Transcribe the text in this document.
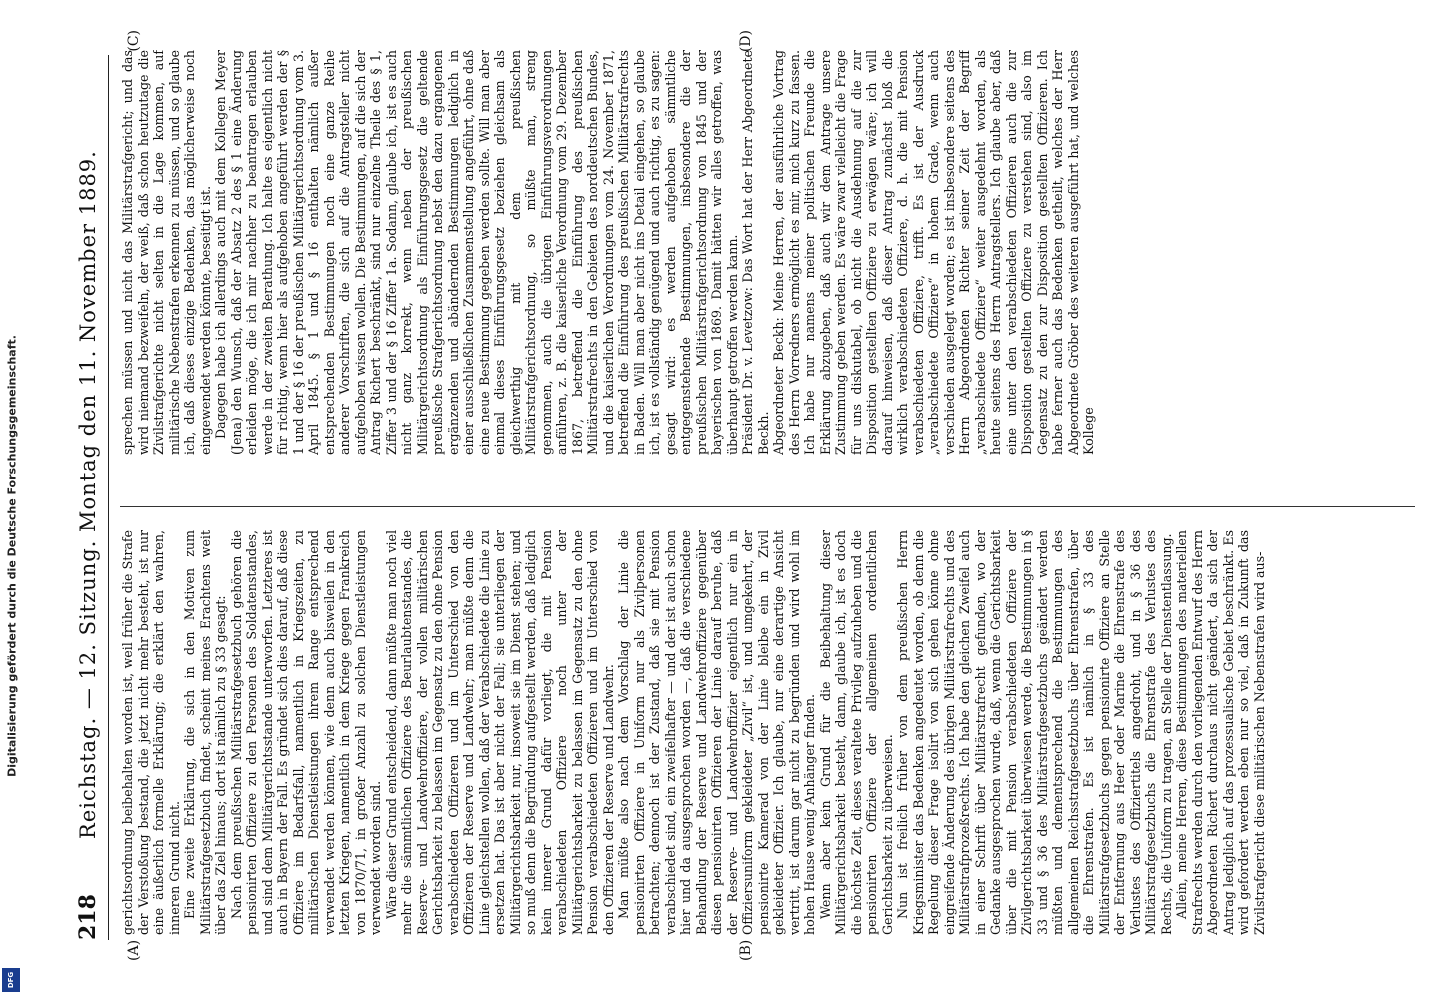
218
Reichstag. — 12. Sitzung. Montag den 11. November 1889.
(A)	(B)
(C)	(D)

gerichtsordnung beibehalten worden ist, weil früher die Strafe der Verstoßung bestand, die jetzt nicht mehr besteht, ist nur eine äußerlich formelle Erklärung; die erklärt den wahren, inneren Grund nicht. Eine zweite Erklärung, die sich in den Motiven zum Militärstrafgesetzbuch findet, scheint meines Erachtens weit über das Ziel hinaus; dort ist nämlich zu § 33 gesagt: Nach dem preußischen Militärstrafgesetzbuch gehören die pensionirten Offiziere zu den Personen des Soldatenstandes, und sind dem Militärgerichtsstande unterworfen. Letzteres ist auch in Bayern der Fall. Es gründet sich dies darauf, daß diese Offiziere im Bedarfsfall, namentlich in Kriegszeiten, zu militärischen Dienstleistungen ihrem Range entsprechend verwendet werden können, wie denn auch bisweilen in den letzten Kriegen, namentlich in dem Kriege gegen Frankreich von 1870/71, in großer Anzahl zu solchen Dienstleistungen verwendet worden sind. Wäre dieser Grund entscheidend, dann müßte man noch viel mehr die sämmtlichen Offiziere des Beurlaubtenstandes, die Reserve- und Landwehroffiziere, der vollen militärischen Gerichtsbarkeit zu belassen im Gegensatz zu den ohne Pension verabschiedeten Offizieren und im Unterschied von den Offizieren der Reserve und Landwehr; man müßte denn die Linie gleichstellen wollen, daß der Verabschiedete die Linie zu ersetzen hat. Das ist aber nicht der Fall; sie unterliegen der Militärgerichtsbarkeit nur, insoweit sie im Dienst stehen; und so muß denn die Begründung aufgestellt werden, daß lediglich kein innerer Grund dafür vorliegt, die mit Pension verabschiedeten Offiziere noch unter der Militärgerichtsbarkeit zu belassen im Gegensatz zu den ohne Pension verabschiedeten Offizieren und im Unterschied von den Offizieren der Reserve und Landwehr. Man müßte also nach dem Vorschlag der Linie die pensionirten Offiziere in Uniform nur als Zivilpersonen betrachten; dennoch ist der Zustand, daß sie mit Pension verabschiedet sind, ein zweifelhafter — und der ist auch schon hier und da ausgesprochen worden —, daß die verschiedene Behandlung der Reserve und Landwehroffiziere gegenüber diesen pensionirten Offizieren der Linie darauf beruhe, daß der Reserve- und Landwehroffizier eigentlich nur ein in Offiziersuniform gekleideter „Zivil“ ist, und umgekehrt, der pensionirte Kamerad von der Linie bleibe ein in Zivil gekleideter Offizier. Ich glaube, nur eine derartige Ansicht vertritt, ist darum gar nicht zu begründen und wird wohl im hohen Hause wenig Anhänger finden. Wenn aber kein Grund für die Beibehaltung dieser Militärgerichtsbarkeit besteht, dann, glaube ich, ist es doch die höchste Zeit, dieses veraltete Privileg aufzuheben und die pensionirten Offiziere der allgemeinen ordentlichen Gerichtsbarkeit zu überweisen. Nun ist freilich früher von dem preußischen Herrn Kriegsminister das Bedenken angedeutet worden, ob denn die Regelung dieser Frage isolirt von sich gehen könne ohne eingreifende Änderung des übrigen Militärstrafrechts und des Militärstrafprozeßrechts. Ich habe den gleichen Zweifel auch in einer Schrift über Militärstrafrecht gefunden, wo der Gedanke ausgesprochen wurde, daß, wenn die Gerichtsbarkeit über die mit Pension verabschiedeten Offiziere der Zivilgerichtsbarkeit überwiesen werde, die Bestimmungen in § 33 und § 36 des Militärstrafgesetzbuchs geändert werden müßten und dementsprechend die Bestimmungen des allgemeinen Reichsstrafgesetzbuchs über Ehrenstrafen, über die Ehrenstrafen. Es ist nämlich in § 33 des Militärstrafgesetzbuchs gegen pensionirte Offiziere an Stelle der Entfernung aus Heer oder Marine die Ehrenstrafe des Verlustes des Offiziertitels angedroht, und in § 36 des Militärstrafgesetzbuchs die Ehrenstrafe des Verlustes des Rechts, die Uniform zu tragen, an Stelle der Dienstentlassung. Allein, meine Herren, diese Bestimmungen des materiellen Strafrechts werden durch den vorliegenden Entwurf des Herrn Abgeordneten Richert durchaus nicht geändert, da sich der Antrag lediglich auf das prozessualische Gebiet beschränkt. Es wird gefordert werden eben nur so viel, daß in Zukunft das Zivilstrafgericht diese militärischen Nebenstrafen wird aus-

sprechen müssen und nicht das Militärstrafgericht; und das wird niemand bezweifeln, der weiß, daß schon heutzutage die Zivilstrafgerichte nicht selten in die Lage kommen, auf militärische Nebenstrafen erkennen zu müssen, und so glaube ich, daß dieses einzige Bedenken, das möglicherweise noch eingewendet werden könnte, beseitigt ist. Dagegen habe ich allerdings auch mit dem Kollegen Meyer (Jena) den Wunsch, daß der Absatz 2 des § 1 eine Änderung erleiden möge, die ich mir nachher zu beantragen erlauben werde in der zweiten Berathung. Ich halte es eigentlich nicht für richtig, wenn hier als aufgehoben angeführt werden der § 1 und der § 16 der preußischen Militärgerichtsordnung vom 3. April 1845. § 1 und § 16 enthalten nämlich außer entsprechenden Bestimmungen noch eine ganze Reihe anderer Vorschriften, die sich auf die Antragsteller nicht aufgehoben wissen wollen. Die Bestimmungen, auf die sich der Antrag Richert beschränkt, sind nur einzelne Theile des § 1, Ziffer 3 und der § 16 Ziffer 1a. Sodann, glaube ich, ist es auch nicht ganz korrekt, wenn neben der preußischen Militärgerichtsordnung als Einführungsgesetz die geltende preußische Strafgerichtsordnung nebst den dazu ergangenen ergänzenden und abändernden Bestimmungen lediglich in einer ausschließlichen Zusammenstellung angeführt, ohne daß eine neue Bestimmung gegeben werden sollte. Will man aber einmal dieses Einführungsgesetz beziehen gleichsam als gleichwerthig mit dem preußischen Militärstrafgerichtsordnung, so müßte man, streng genommen, auch die übrigen Einführungsverordnungen anführen, z. B. die kaiserliche Verordnung vom 29. Dezember 1867, betreffend die Einführung des preußischen Militärstrafrechts in den Gebieten des norddeutschen Bundes, und die kaiserlichen Verordnungen vom 24. November 1871, betreffend die Einführung des preußischen Militärstrafrechts in Baden. Will man aber nicht ins Detail eingehen, so glaube ich, ist es vollständig genügend und auch richtig, es zu sagen: gesagt wird: es werden aufgehoben sämmtliche entgegenstehende Bestimmungen, insbesondere die der preußischen Militärstrafgerichtsordnung von 1845 und der bayerischen von 1869. Damit hätten wir alles getroffen, was überhaupt getroffen werden kann. Präsident Dr. v. Levetzow: Das Wort hat der Herr Abgeordnete Beckh. Abgeordneter Beckh: Meine Herren, der ausführliche Vortrag des Herrn Vorredners ermöglicht es mir, mich kurz zu fassen. Ich habe nur namens meiner politischen Freunde die Erklärung abzugeben, daß auch wir dem Antrage unsere Zustimmung geben werden. Es wäre zwar vielleicht die Frage für uns diskutabel, ob nicht die Ausdehnung auf die zur Disposition gestellten Offiziere zu erwägen wäre; ich will darauf hinweisen, daß dieser Antrag zunächst bloß die wirklich verabschiedeten Offiziere, d. h. die mit Pension verabschiedeten Offiziere, trifft. Es ist der Ausdruck „verabschiedete Offiziere“ in hohem Grade, wenn auch verschieden ausgelegt worden; es ist insbesondere seitens des Herrn Abgeordneten Richter seiner Zeit der Begriff „verabschiedete Offiziere“ weiter ausgedehnt worden, als heute seitens des Herrn Antragstellers. Ich glaube aber, daß eine unter den verabschiedeten Offizieren auch die zur Disposition gestellten Offiziere zu verstehen sind, also im Gegensatz zu den zur Disposition gestellten Offizieren. Ich habe ferner auch das Bedenken getheilt, welches der Herr Abgeordnete Gröber des weiteren ausgeführt hat, und welches Kollege

Digitalisierung gefördert durch die Deutsche Forschungsgemeinschaft.
DFG
